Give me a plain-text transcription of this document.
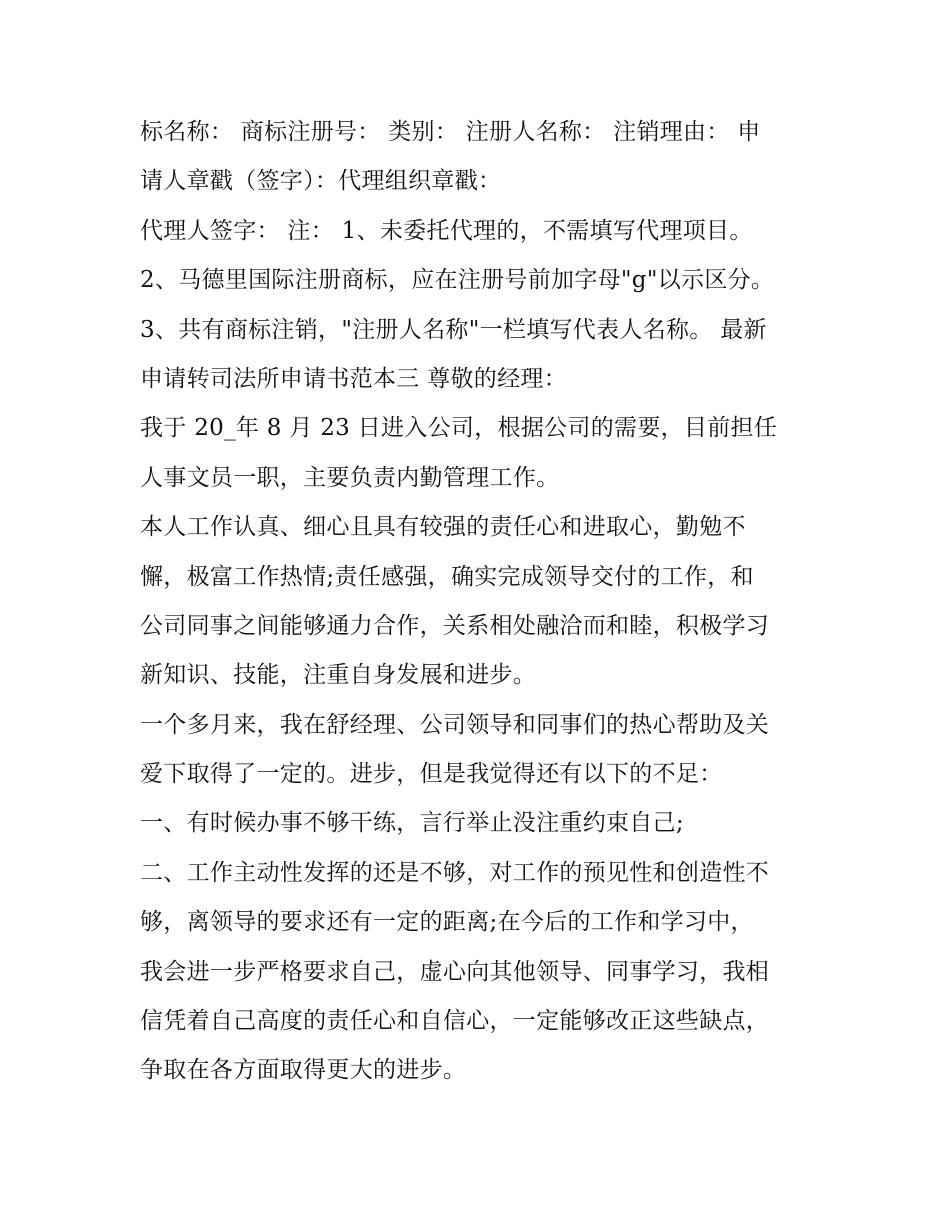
标名称： 商标注册号： 类别： 注册人名称： 注销理由： 申
请人章戳（签字）：代理组织章戳：
代理人签字： 注： 1、未委托代理的，不需填写代理项目。
2、马德里国际注册商标，应在注册号前加字母"g"以示区分。
3、共有商标注销，"注册人名称"一栏填写代表人名称。 最新
申请转司法所申请书范本三 尊敬的经理：
我于 20_年 8 月 23 日进入公司，根据公司的需要，目前担任
人事文员一职，主要负责内勤管理工作。
本人工作认真、细心且具有较强的责任心和进取心，勤勉不
懈，极富工作热情;责任感强，确实完成领导交付的工作，和
公司同事之间能够通力合作，关系相处融洽而和睦，积极学习
新知识、技能，注重自身发展和进步。
一个多月来，我在舒经理、公司领导和同事们的热心帮助及关
爱下取得了一定的。进步，但是我觉得还有以下的不足：
一、有时候办事不够干练，言行举止没注重约束自己;
二、工作主动性发挥的还是不够，对工作的预见性和创造性不
够，离领导的要求还有一定的距离;在今后的工作和学习中，
我会进一步严格要求自己，虚心向其他领导、同事学习，我相
信凭着自己高度的责任心和自信心，一定能够改正这些缺点，
争取在各方面取得更大的进步。
